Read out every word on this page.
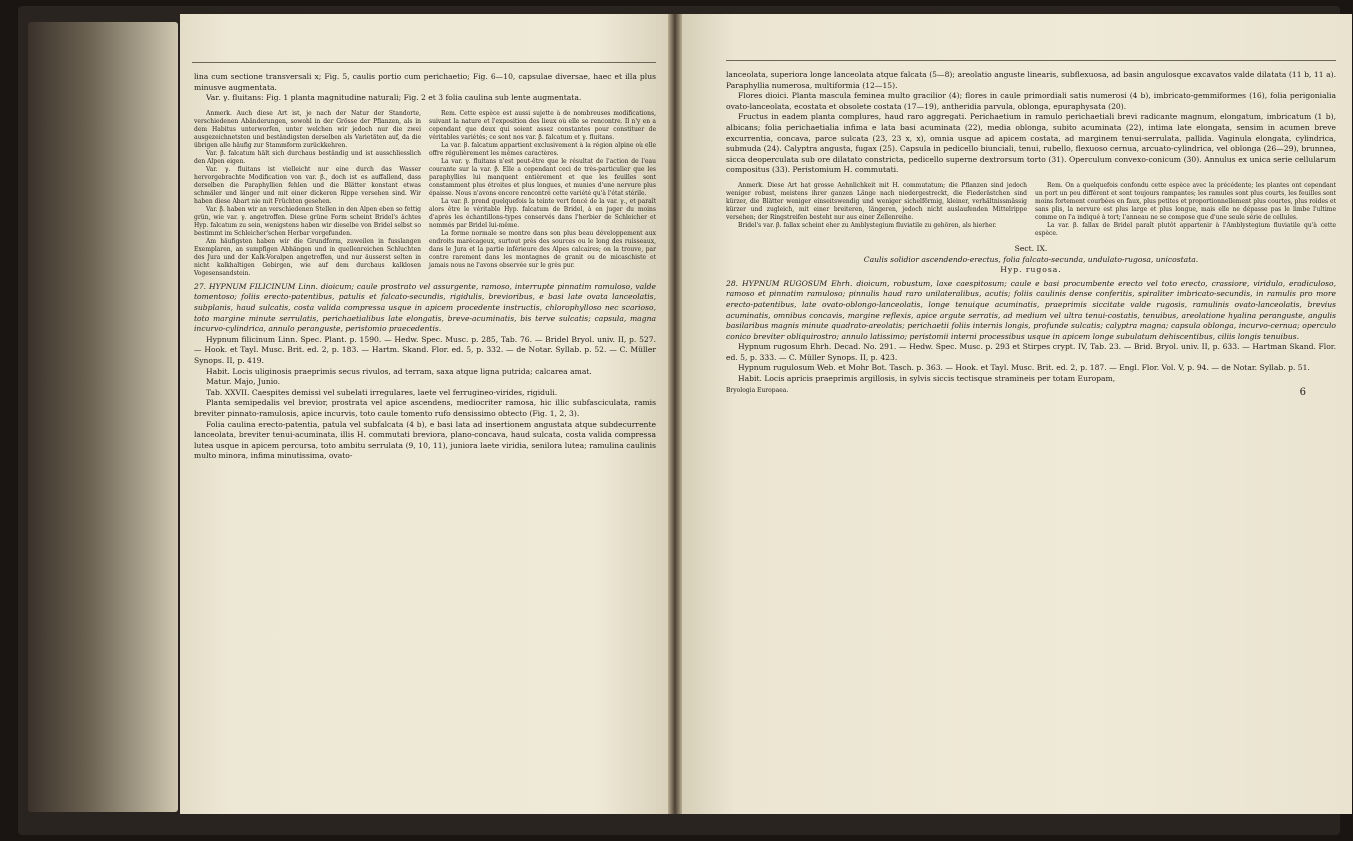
lina cum sectione transversali x; Fig. 5, caulis portio cum perichaetio; Fig. 6—10, capsulae diversae, haec et illa plus minusve augmentata.

Var. γ. fluitans: Fig. 1 planta magnitudine naturali; Fig. 2 et 3 folia caulina sub lente augmentata.

Anmerk. Auch diese Art ist, je nach der Natur der Standorte, verschiedenen Abänderungen, sowohl in der Grösse der Pflanzen, als in dem Habitus unterworfen, unter welchen wir jedoch nur die zwei ausgezeichnetsten und beständigsten derselben als Varietäten auf, da die übrigen alle häufig zur Stammform zurückkehren.

Var. β. falcatum hält sich durchaus beständig und ist ausschliesslich den Alpen eigen.

Var. γ. fluitans ist vielleicht nur eine durch das Wasser hervorgebrachte Modification von var. β., doch ist es auffallend, dass derselben die Paraphyllien fehlen und die Blätter konstant etwas schmäler und länger und mit einer dickeren Rippe versehen sind. Wir haben diese Abart nie mit Früchten gesehen.

Var. β. haben wir an verschiedenen Stellen in den Alpen eben so fettig grün, wie var. γ. angetroffen. Diese grüne Form scheint Bridel's ächtes Hyp. falcatum zu sein, wenigstens haben wir dieselbe von Bridel selbst so bestimmt im Schleicher'schen Herbar vorgefunden.

Am häufigsten haben wir die Grundform, zuweilen in fusslangen Exemplaren, an sumpfigen Abhängen und in quellenreichen Schluchten des Jura und der Kalk-Voralpen angetroffen, und nur äusserst selten in nicht kalkhaltigen Gebirgen, wie auf dem durchaus kalklosen Vogesensandstein.

Rem. Cette espèce est aussi sujette à de nombreuses modifications, suivant la nature et l'exposition des lieux où elle se rencontre. Il n'y en a cependant que deux qui soient assez constantes pour constituer de véritables variétés; ce sont nos var. β. falcatum et γ. fluitans.

La var. β. falcatum appartient exclusivement à la région alpine où elle offre régulièrement les mêmes caractères.

La var. γ. fluitans n'est peut-être que le résultat de l'action de l'eau courante sur la var. β. Elle a cependant ceci de très-particulier que les paraphyllies lui manquent entièrement et que les feuilles sont constamment plus étroites et plus longues, et munies d'une nervure plus épaisse. Nous n'avons encore rencontré cette variété qu'à l'état stérile.

La var. β. prend quelquefois la teinte vert foncé de la var. γ., et paraît alors être le véritable Hyp. falcatum de Bridel, à en juger du moins d'après les échantillons-types conservés dans l'herbier de Schleicher et nommés par Bridel lui-même.

La forme normale se montre dans son plus beau développement aux endroits marécageux, surtout près des sources ou le long des ruisseaux, dans le Jura et la partie inférieure des Alpes calcaires; on la trouve, par contre rarement dans les montagnes de granit ou de micaschiste et jamais nous ne l'avons observée sur le grès pur.

27. HYPNUM FILICINUM Linn. dioicum; caule prostrato vel assurgente, ramoso, interrupte pinnatim ramuloso, valde tomentoso; foliis erecto-patentibus, patulis et falcato-secundis, rigidulis, brevioribus, e basi late ovata lanceolatis, subplanis, haud sulcatis, costa valida compressa usque in apicem procedente instructis, chlorophylloso nec scarioso, toto margine minute serrulatis, perichaetialibus late elongatis, breve-acuminatis, bis terve sulcatis; capsula, magna incurvo-cylindrica, annulo peranguste, peristomio praecedentis.

Hypnum filicinum Linn. Spec. Plant. p. 1590. — Hedw. Spec. Musc. p. 285, Tab. 76. — Bridel Bryol. univ. II, p. 527. — Hook. et Tayl. Musc. Brit. ed. 2, p. 183. — Hartm. Skand. Flor. ed. 5, p. 332. — de Notar. Syllab. p. 52. — C. Müller Synops. II, p. 419.

Habit. Locis uliginosis praeprimis secus rivulos, ad terram, saxa atque ligna putrida; calcarea amat.

Matur. Majo, Junio.

Tab. XXVII. Caespites demissi vel subelati irregulares, laete vel ferrugineo-virides, rigiduli.

Planta semipedalis vel brevior, prostrata vel apice ascendens, mediocriter ramosa, hic illic subfasciculata, ramis breviter pinnato-ramulosis, apice incurvis, toto caule tomento rufo densissimo obtecto (Fig. 1, 2, 3).

Folia caulina erecto-patentia, patula vel subfalcata (4 b), e basi lata ad insertionem angustata atque subdecurrente lanceolata, breviter tenui-acuminata, illis H. commutati breviora, plano-concava, haud sulcata, costa valida compressa lutea usque in apicem percursa, toto ambitu serrulata (9, 10, 11), juniora laete viridia, senilora lutea; ramulina caulinis multo minora, infima minutissima, ovato-

lanceolata, superiora longe lanceolata atque falcata (5—8); areolatio anguste linearis, subflexuosa, ad basin angulosque excavatos valde dilatata (11 b, 11 a). Paraphyllia numerosa, multiformia (12—15).

Flores dioici. Planta mascula feminea multo gracilior (4); flores in caule primordiali satis numerosi (4 b), imbricato-gemmiformes (16), folia perigonialia ovato-lanceolata, ecostata et obsolete costata (17—19), antheridia parvula, oblonga, epuraphysata (20).

Fructus in eadem planta complures, haud raro aggregati. Perichaetium in ramulo perichaetiali brevi radicante magnum, elongatum, imbricatum (1 b), albicans; folia perichaetialia infima e lata basi acuminata (22), media oblonga, subito acuminata (22), intima late elongata, sensim in acumen breve excurrentia, concava, parce sulcata (23, 23 x, x), omnia usque ad apicem costata, ad marginem tenui-serrulata, pallida. Vaginula elongata, cylindrica, submuda (24). Calyptra angusta, fugax (25). Capsula in pedicello biunciali, tenui, rubello, flexuoso cernua, arcuato-cylindrica, vel oblonga (26—29), brunnea, sicca deoperculata sub ore dilatato constricta, pedicello superne dextrorsum torto (31). Operculum convexo-conicum (30). Annulus ex unica serie cellularum compositus (33). Peristomium H. commutati.

Anmerk. Diese Art hat grosse Aehnlichkeit mit H. commutatum; die Pflanzen sind jedoch weniger robust, meistens ihrer ganzen Länge nach niedergestreckt, die Fiederästchen sind kürzer, die Blätter weniger einseitswendig und weniger sichelförmig, kleiner, verhältnissmässig kürzer und zugleich, mit einer breiteren, längeren, jedoch nicht auslaufenden Mittelrippe versehen; der Ringstreifen besteht nur aus einer Zellenreihe.

Bridel's var. β. fallax scheint eher zu Amblystegium fluviatile zu gehören, als hierher.

Rem. On a quelquefois confondu cette espèce avec la précédente; les plantes ont cependant un port un peu différent et sont toujours rampantes; les ramules sont plus courts, les feuilles sont moins fortement courbées en faux, plus petites et proportionnellement plus courtes, plus roides et sans plis, la nervure est plus large et plus longue, mais elle ne dépasse pas le limbe l'ultime comme on l'a indiqué à tort; l'anneau ne se compose que d'une seule série de cellules.

La var. β. fallax de Bridel paraît plutôt appartenir à l'Amblystegium fluviatile qu'à cette espèce.

Sect. IX.

Caulis solidior ascendendo-erectus, folia falcato-secunda, undulato-rugosa, unicostata.

Hyp. rugosa.

28. HYPNUM RUGOSUM Ehrh. dioicum, robustum, laxe caespitosum; caule e basi procumbente erecto vel toto erecto, crassiore, viridulo, eradiculoso, ramoso et pinnatim ramuloso; pinnulis haud raro unilateralibus, acutis; foliis caulinis dense conferitis, spiraliter imbricato-secundis, in ramulis pro more erecto-patentibus, late ovato-oblongo-lanceolatis, longe tenuique acuminatis, praeprimis siccitate valde rugosis, ramulinis ovato-lanceolatis, brevius acuminatis, omnibus concavis, margine reflexis, apice argute serratis, ad medium vel ultra tenui-costatis, tenuibus, areolatione hyalina peranguste, angulis basilaribus magnis minute quadrato-areolatis; perichaetii foliis internis longis, profunde sulcatis; calyptra magna; capsula oblonga, incurvo-cernua; operculo conico breviter obliquirostro; annulo latissimo; peristomii interni processibus usque in apicem longe subulatum dehiscentibus, ciliis longis tenuibus.

Hypnum rugosum Ehrh. Decad. No. 291. — Hedw. Spec. Musc. p. 293 et Stirpes crypt. IV, Tab. 23. — Brid. Bryol. univ. II, p. 633. — Hartman Skand. Flor. ed. 5, p. 333. — C. Müller Synops. II, p. 423.

Hypnum rugulosum Web. et Mohr Bot. Tasch. p. 363. — Hook. et Tayl. Musc. Brit. ed. 2, p. 187. — Engl. Flor. Vol. V, p. 94. — de Notar. Syllab. p. 51.

Habit. Locis apricis praeprimis argillosis, in sylvis siccis tectisque stramineis per totam Europam,

Bryologia Europaea.	6
